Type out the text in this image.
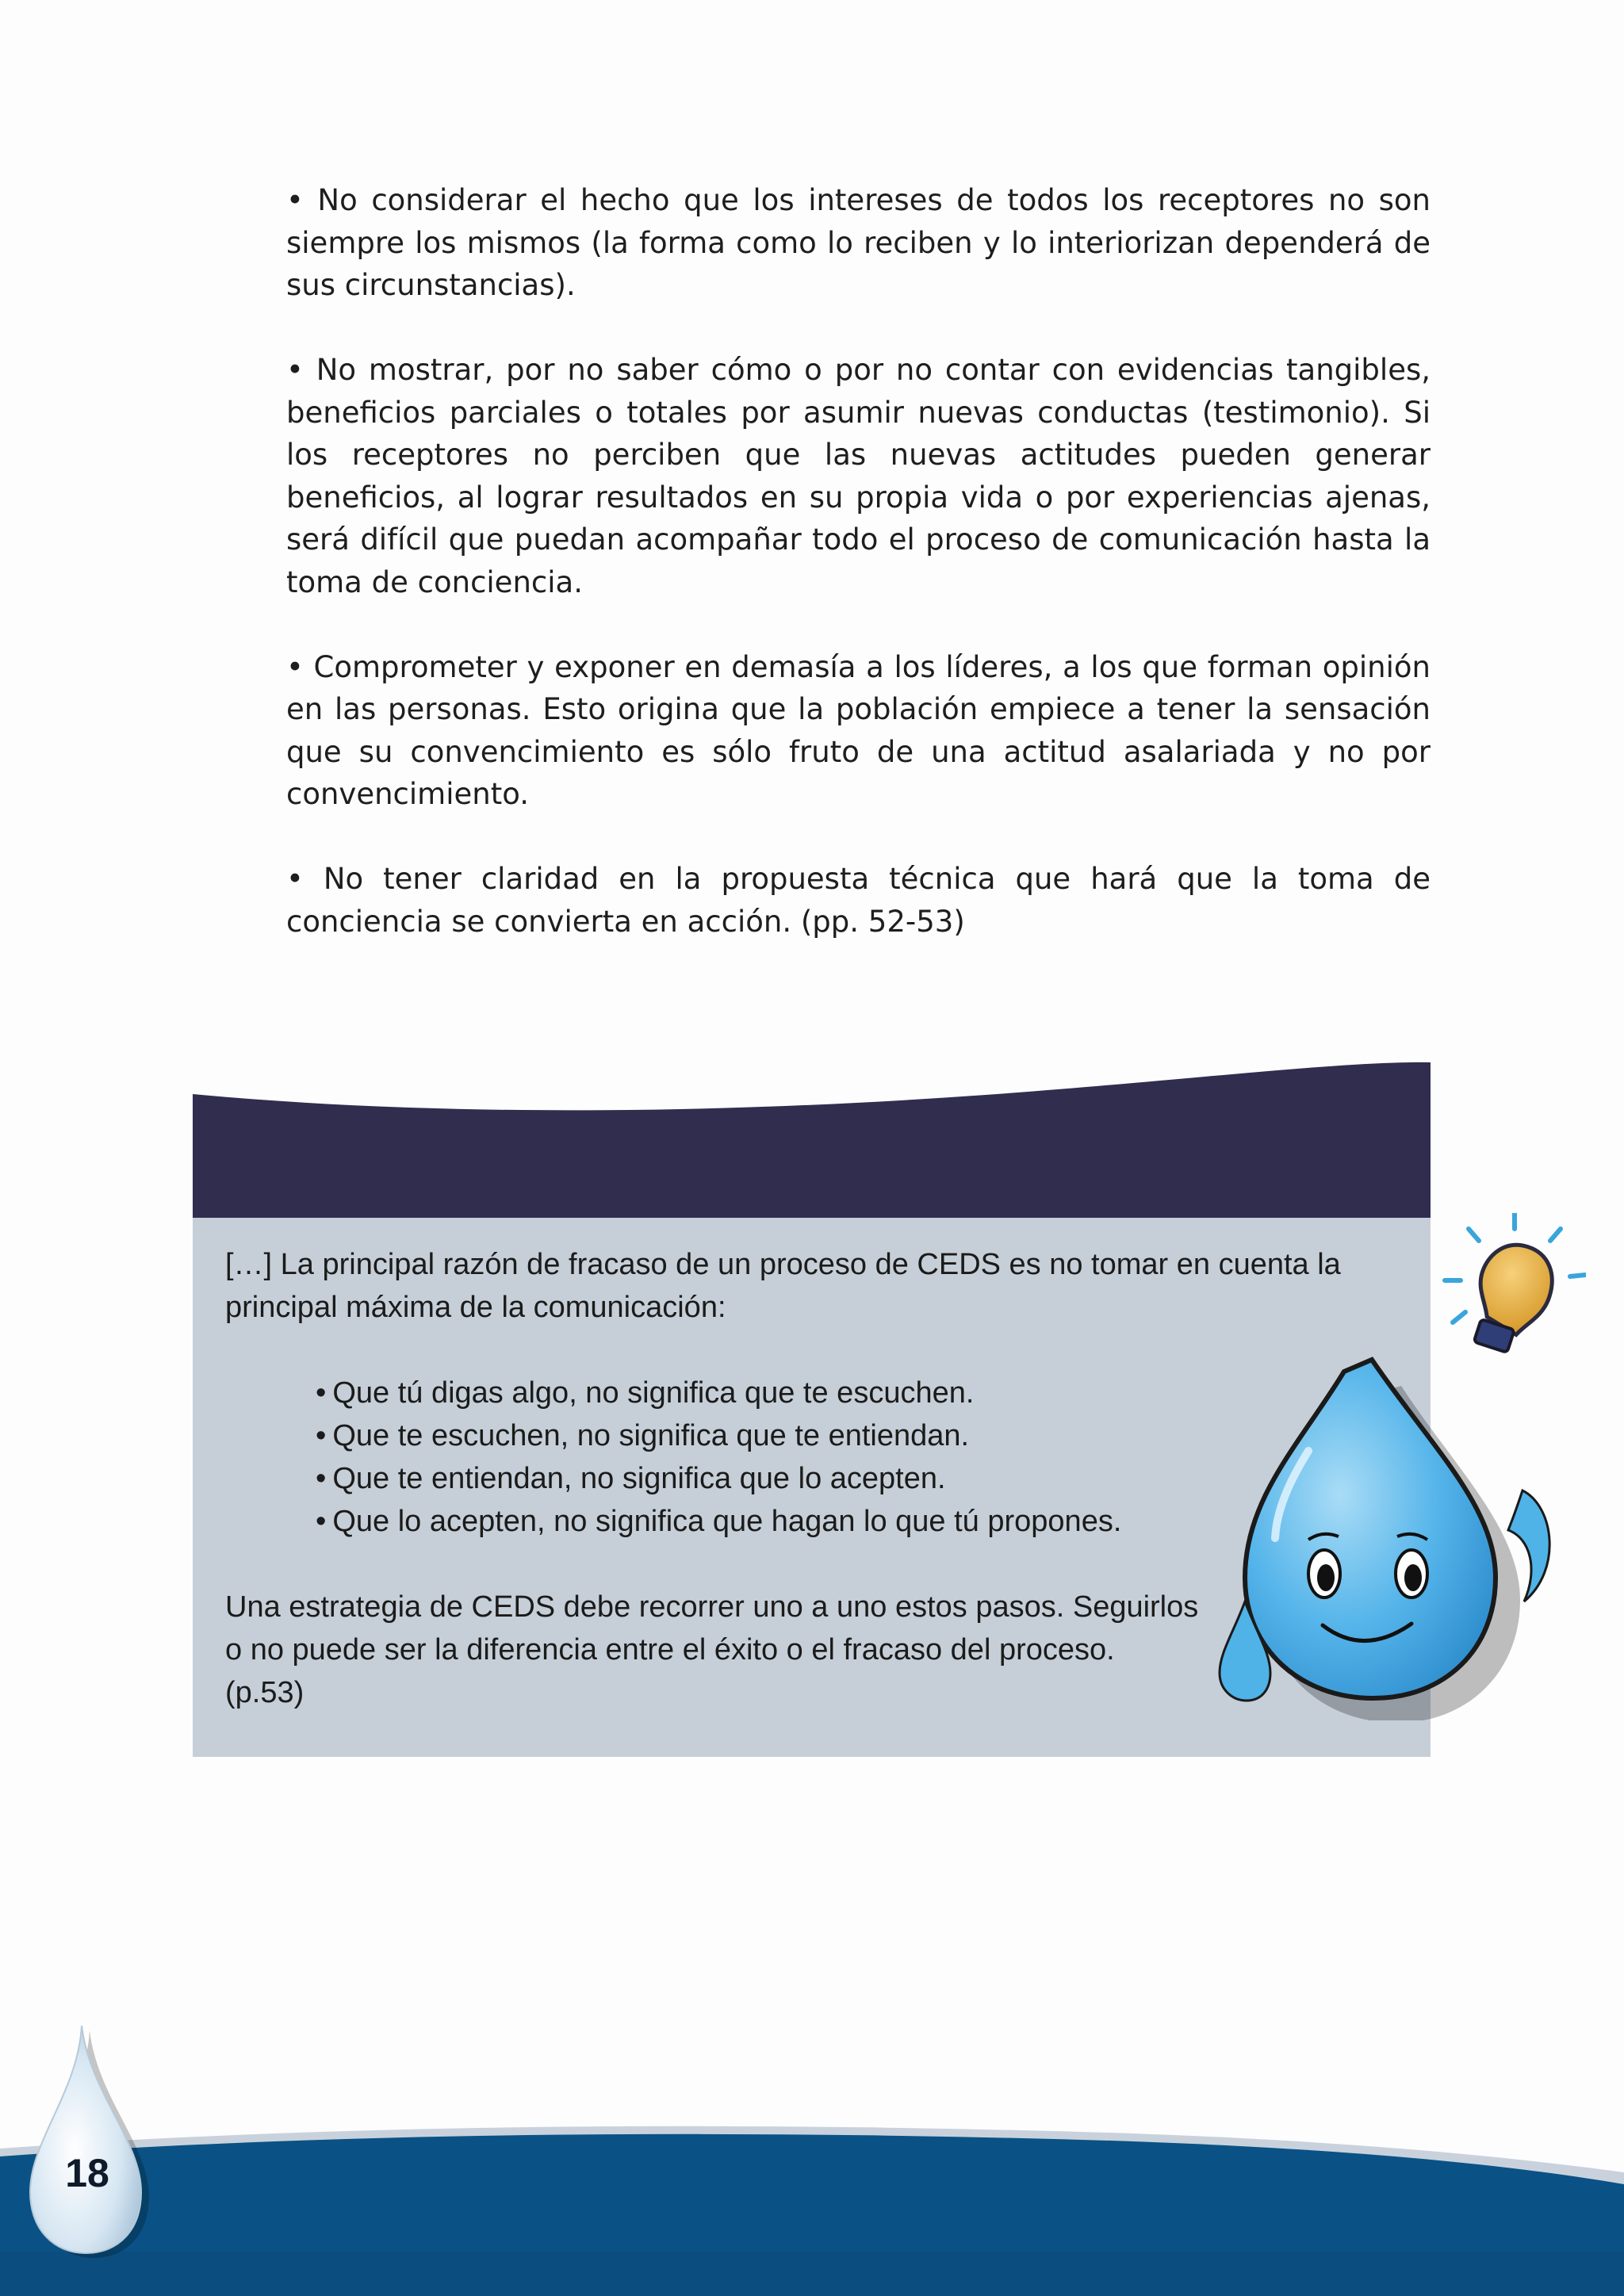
• No considerar el hecho que los intereses de todos los receptores no son siempre los mismos (la forma como lo reciben y lo interiorizan dependerá de sus circunstancias).

• No mostrar, por no saber cómo o por no contar con evidencias tangibles, beneficios parciales o totales por asumir nuevas conductas (testimonio). Si los receptores no perciben que las nuevas actitudes pueden generar beneficios, al lograr resultados en su propia vida o por experiencias ajenas, será difícil que puedan acompañar todo el proceso de comunicación hasta la toma de conciencia.

• Comprometer y exponer en demasía a los líderes, a los que forman opinión en las personas. Esto origina que la población empiece a tener la sensación que su convencimiento es sólo fruto de una actitud asalariada y no por convencimiento.

• No tener claridad en la propuesta técnica que hará que la toma de conciencia se convierta en acción. (pp. 52-53)

[…] La principal razón de fracaso de un proceso de CEDS es no tomar en cuenta la principal máxima de la comunicación:

• Que tú digas algo, no significa que te escuchen.
• Que te escuchen, no significa que te entiendan.
• Que te entiendan, no significa que lo acepten.
• Que lo acepten, no significa que hagan lo que tú propones.

Una estrategia de CEDS debe recorrer uno a uno estos pasos. Seguirlos o no puede ser la diferencia entre el éxito o el fracaso del proceso. (p.53)

18
